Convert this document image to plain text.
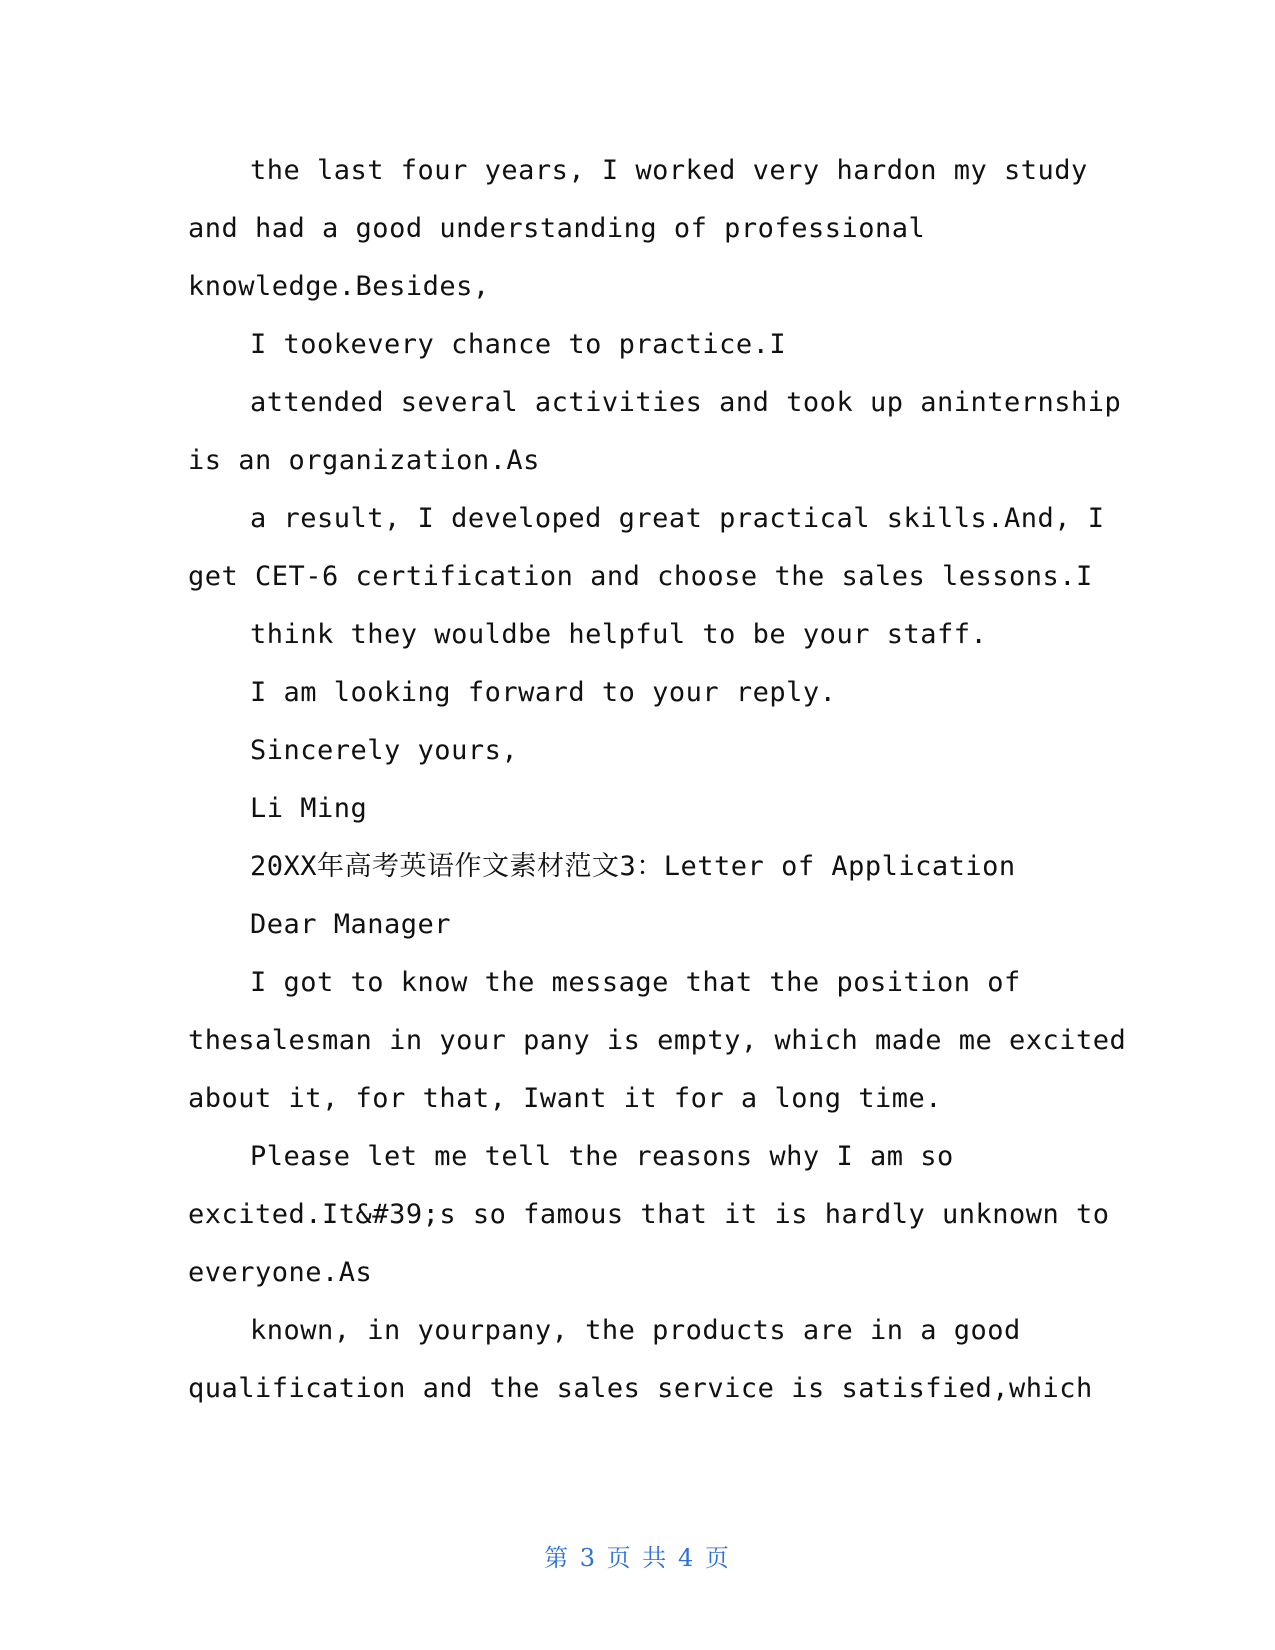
the last four years, I worked very hardon my study
and had a good understanding of professional
knowledge.Besides,
I tookevery chance to practice.I
attended several activities and took up aninternship
is an organization.As
a result, I developed great practical skills.And, I
get CET-6 certification and choose the sales lessons.I
think they wouldbe helpful to be your staff.
I am looking forward to your reply.
Sincerely yours,
Li Ming
20XX年高考英语作文素材范文3：Letter of Application
Dear Manager
I got to know the message that the position of
thesalesman in your pany is empty, which made me excited
about it, for that, Iwant it for a long time.
Please let me tell the reasons why I am so
excited.It&#39;s so famous that it is hardly unknown to
everyone.As
known, in yourpany, the products are in a good
qualification and the sales service is satisfied,which
第 3 页 共 4 页
